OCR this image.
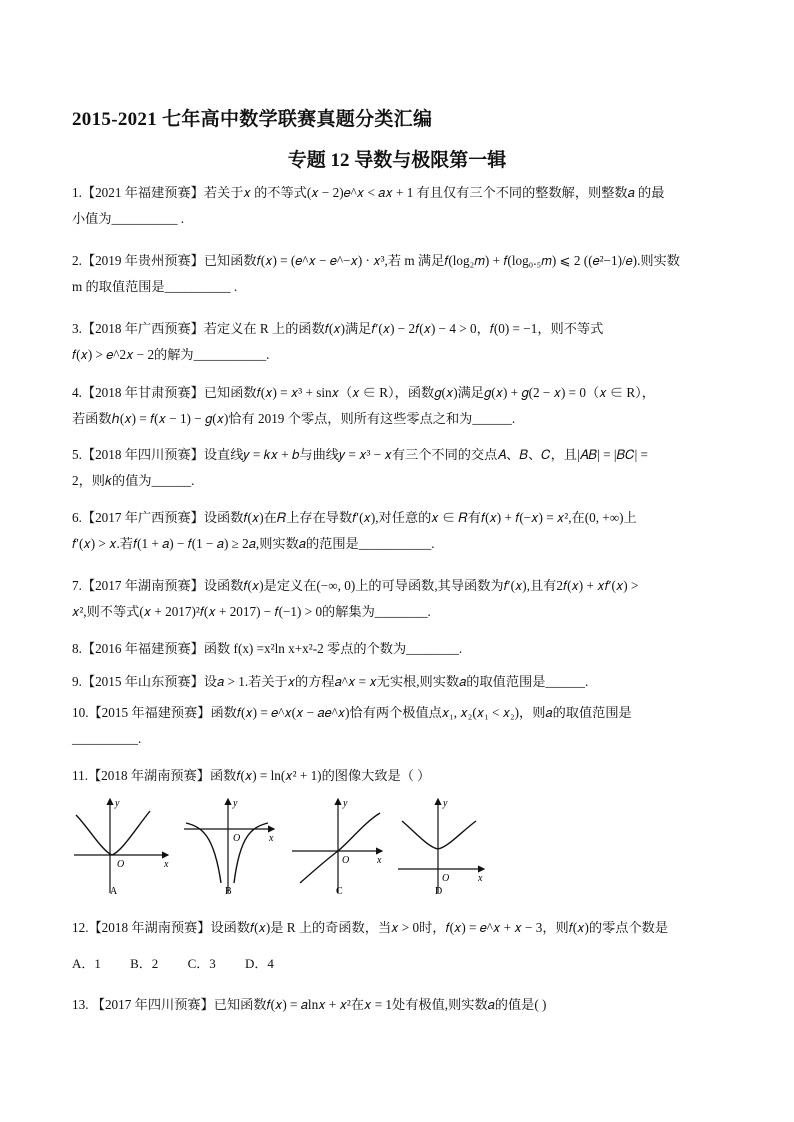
2015-2021 七年高中数学联赛真题分类汇编
专题 12 导数与极限第一辑
1.【2021 年福建预赛】若关于𝑥 的不等式(𝑥 − 2)𝑒^𝑥 < 𝑎𝑥 + 1 有且仅有三个不同的整数解，则整数𝑎 的最
小值为__________ .
2.【2019 年贵州预赛】已知函数𝑓(𝑥) = (𝑒^𝑥 − 𝑒^−𝑥) · 𝑥³,若 m 满足𝑓(log₂𝑚) + 𝑓(log₀.₅𝑚) ⩽ 2 ((𝑒²−1)/𝑒).则实数
m 的取值范围是__________ .
3.【2018 年广西预赛】若定义在 R 上的函数𝑓(𝑥)满足𝑓′(𝑥) − 2𝑓(𝑥) − 4 > 0，𝑓(0) = −1，则不等式
𝑓(𝑥) > 𝑒^2𝑥 − 2的解为___________.
4.【2018 年甘肃预赛】已知函数𝑓(𝑥) = 𝑥³ + sin𝑥（𝑥 ∈ R），函数𝑔(𝑥)满足𝑔(𝑥) + 𝑔(2 − 𝑥) = 0（𝑥 ∈ R），
若函数ℎ(𝑥) = 𝑓(𝑥 − 1) − 𝑔(𝑥)恰有 2019 个零点，则所有这些零点之和为______.
5.【2018 年四川预赛】设直线𝑦 = 𝑘𝑥 + 𝑏与曲线𝑦 = 𝑥³ − 𝑥有三个不同的交点𝐴、𝐵、𝐶，且|𝐴𝐵| = |𝐵𝐶| =
2，则𝑘的值为______.
6.【2017 年广西预赛】设函数𝑓(𝑥)在𝑅上存在导数𝑓′(𝑥),对任意的𝑥 ∈ 𝑅有𝑓(𝑥) + 𝑓(−𝑥) = 𝑥²,在(0, +∞)上
𝑓′(𝑥) > 𝑥.若𝑓(1 + 𝑎) − 𝑓(1 − 𝑎) ≥ 2𝑎,则实数𝑎的范围是___________.
7.【2017 年湖南预赛】设函数𝑓(𝑥)是定义在(−∞, 0)上的可导函数,其导函数为𝑓′(𝑥),且有2𝑓(𝑥) + 𝑥𝑓′(𝑥) >
𝑥²,则不等式(𝑥 + 2017)²𝑓(𝑥 + 2017) − 𝑓(−1) > 0的解集为________.
8.【2016 年福建预赛】函数 f(x) =x²ln x+x²-2 零点的个数为________.
9.【2015 年山东预赛】设𝑎 > 1.若关于𝑥的方程𝑎^𝑥 = 𝑥无实根,则实数𝑎的取值范围是______.
10.【2015 年福建预赛】函数𝑓(𝑥) = 𝑒^𝑥(𝑥 − 𝑎𝑒^𝑥)恰有两个极值点𝑥₁, 𝑥₂(𝑥₁ < 𝑥₂)，则𝑎的取值范围是
__________.
11.【2018 年湖南预赛】函数𝑓(𝑥) = ln(𝑥² + 1)的图像大致是（ ）
y
x
O
A
y
x
O
B
y
x
O
C
y
x
O
D
12.【2018 年湖南预赛】设函数𝑓(𝑥)是 R 上的奇函数，当𝑥 > 0时，𝑓(𝑥) = 𝑒^𝑥 + 𝑥 − 3，则𝑓(𝑥)的零点个数是
A．1 B．2 C．3 D．4
13. 【2017 年四川预赛】已知函数𝑓(𝑥) = 𝑎ln𝑥 + 𝑥²在𝑥 = 1处有极值,则实数𝑎的值是( )
